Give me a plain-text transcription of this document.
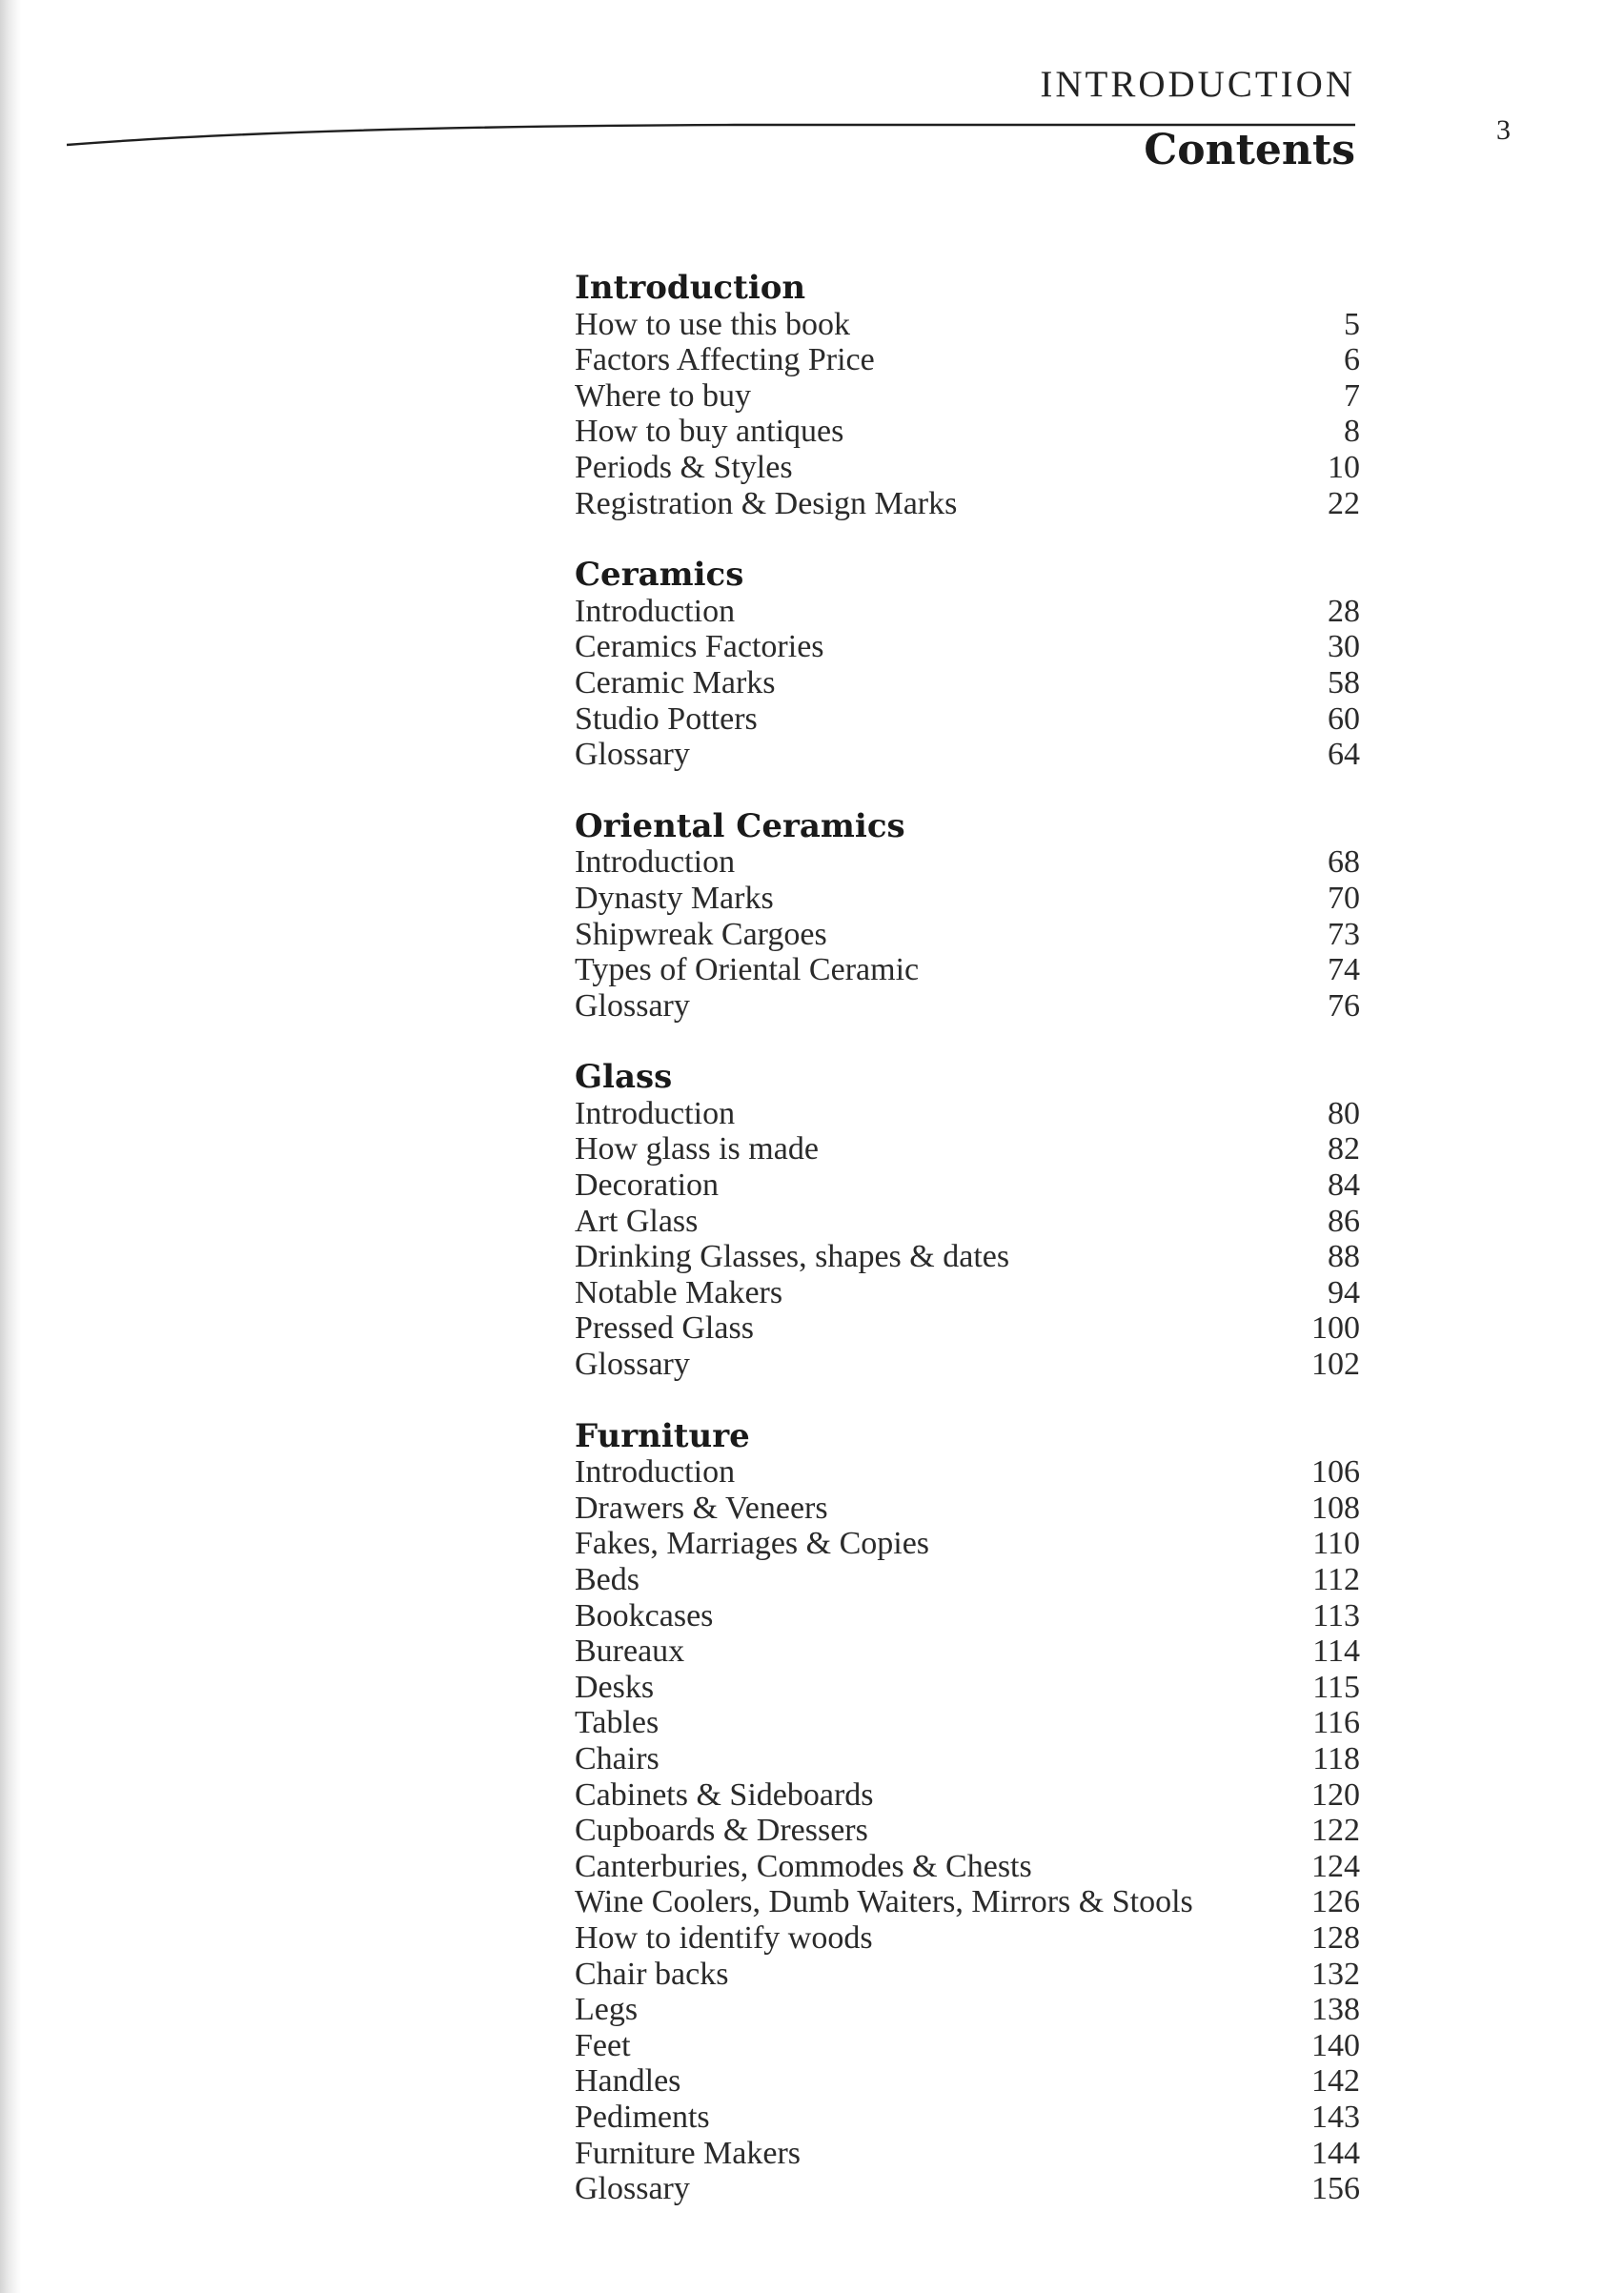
INTRODUCTION
3
Contents
Introduction
How to use this book	5
Factors Affecting Price	6
Where to buy	7
How to buy antiques	8
Periods & Styles	10
Registration & Design Marks	22
Ceramics
Introduction	28
Ceramics Factories	30
Ceramic Marks	58
Studio Potters	60
Glossary	64
Oriental Ceramics
Introduction	68
Dynasty Marks	70
Shipwreak Cargoes	73
Types of Oriental Ceramic	74
Glossary	76
Glass
Introduction	80
How glass is made	82
Decoration	84
Art Glass	86
Drinking Glasses, shapes & dates	88
Notable Makers	94
Pressed Glass	100
Glossary	102
Furniture
Introduction	106
Drawers & Veneers	108
Fakes, Marriages & Copies	110
Beds	112
Bookcases	113
Bureaux	114
Desks	115
Tables	116
Chairs	118
Cabinets & Sideboards	120
Cupboards & Dressers	122
Canterburies, Commodes & Chests	124
Wine Coolers, Dumb Waiters, Mirrors & Stools	126
How to identify woods	128
Chair backs	132
Legs	138
Feet	140
Handles	142
Pediments	143
Furniture Makers	144
Glossary	156
